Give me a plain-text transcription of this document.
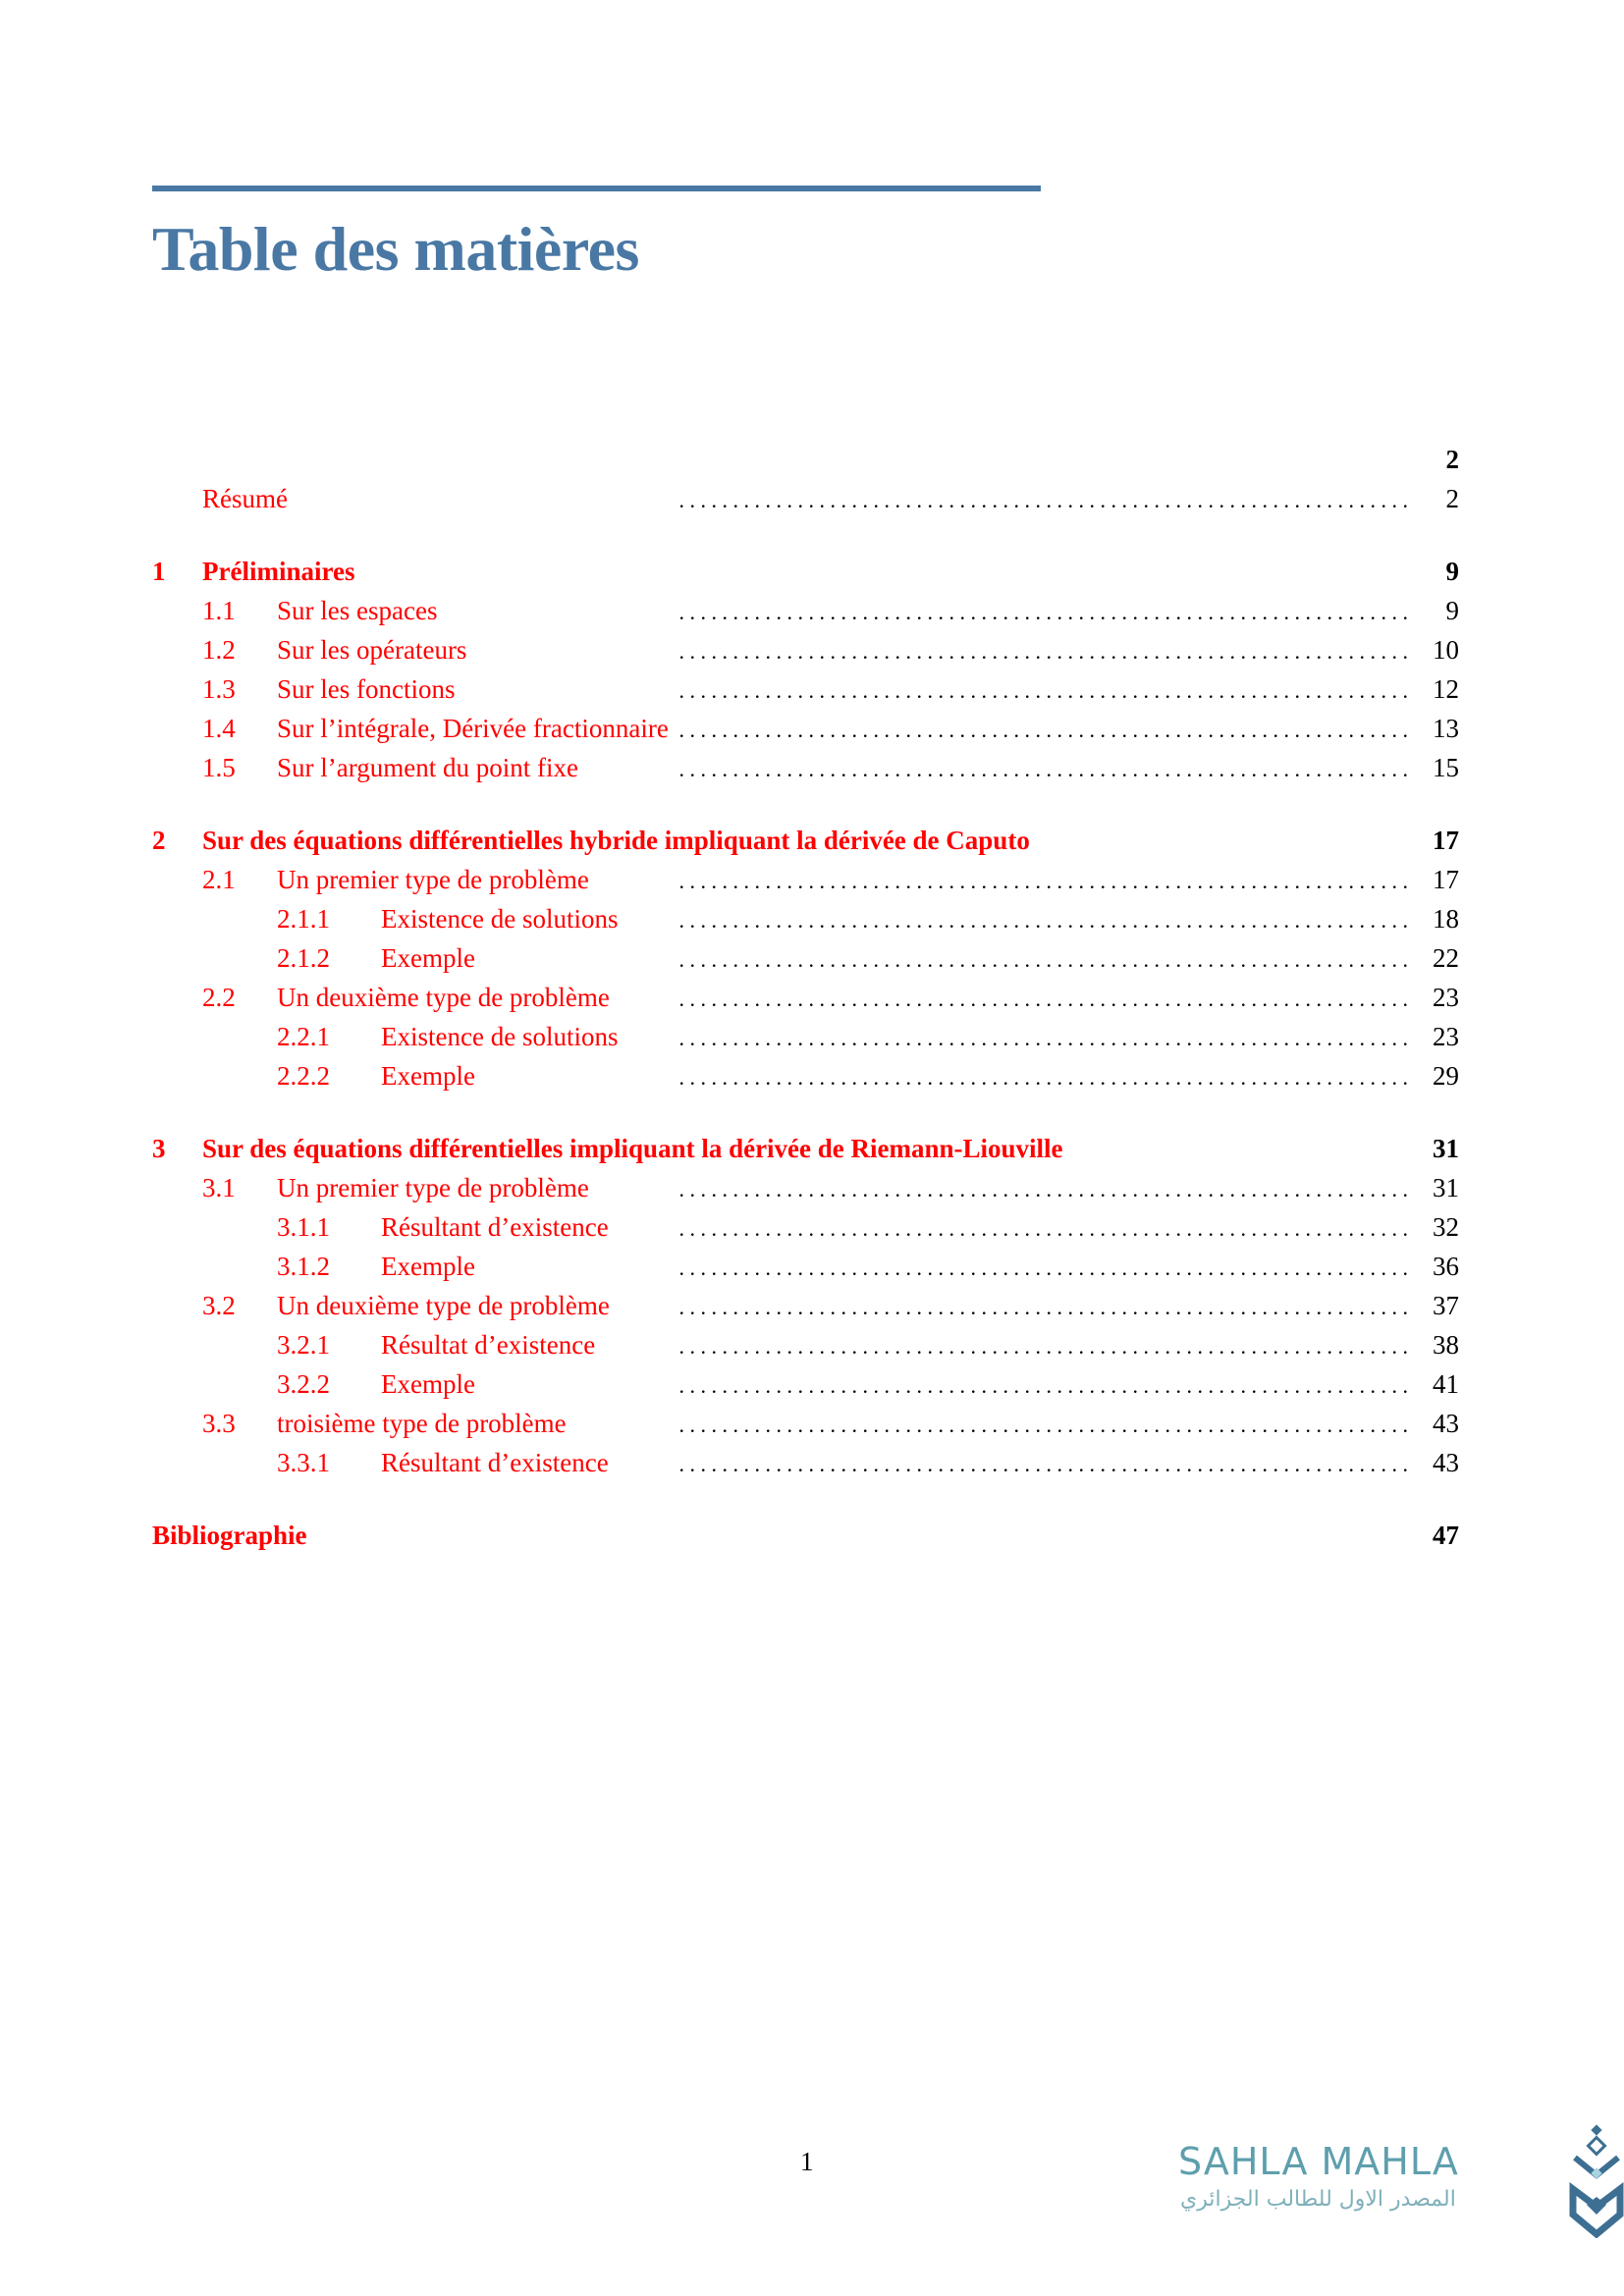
Table des matières
2
Résumé	. . . . . . . . . . . . . . . . . . . . . . . . . . . . . . . . . . . . . . . . . . . . . . . . . . . . . . . . . . . . . . . . . . . .	2
1	Préliminaires	9
1.1	Sur les espaces	. . . . . . . . . . . . . . . . . . . . . . . . . . . . . . . . . . . . . . . . . . . . . . . . . . . . . . . . . . . . . . . . . . . .	9
1.2	Sur les opérateurs	. . . . . . . . . . . . . . . . . . . . . . . . . . . . . . . . . . . . . . . . . . . . . . . . . . . . . . . . . . . . . . . . . . . . 10
1.3	Sur les fonctions	. . . . . . . . . . . . . . . . . . . . . . . . . . . . . . . . . . . . . . . . . . . . . . . . . . . . . . . . . . . . . . . . . . . . 12
1.4	Sur l’intégrale, Dérivée fractionnaire . . . . . . . . . . . . . . . . . . . . . . . . . . . . . . . . . . . . . . . . . . . . . . . . . . . . . . . . . . . . . . . . . . . . 13
1.5	Sur l’argument du point fixe	. . . . . . . . . . . . . . . . . . . . . . . . . . . . . . . . . . . . . . . . . . . . . . . . . . . . . . . . . . . . . . . . . . . . 15
2	Sur des équations différentielles hybride impliquant la dérivée de Caputo	17
2.1	Un premier type de problème	. . . . . . . . . . . . . . . . . . . . . . . . . . . . . . . . . . . . . . . . . . . . . . . . . . . . . . . . . . . . . . . . . . . . 17
2.1.1	Existence de solutions	. . . . . . . . . . . . . . . . . . . . . . . . . . . . . . . . . . . . . . . . . . . . . . . . . . . . . . . . . . . . . . . . . . . . 18
2.1.2	Exemple	. . . . . . . . . . . . . . . . . . . . . . . . . . . . . . . . . . . . . . . . . . . . . . . . . . . . . . . . . . . . . . . . . . . . 22
2.2	Un deuxième type de problème	. . . . . . . . . . . . . . . . . . . . . . . . . . . . . . . . . . . . . . . . . . . . . . . . . . . . . . . . . . . . . . . . . . . . 23
2.2.1	Existence de solutions	. . . . . . . . . . . . . . . . . . . . . . . . . . . . . . . . . . . . . . . . . . . . . . . . . . . . . . . . . . . . . . . . . . . . 23
2.2.2	Exemple	. . . . . . . . . . . . . . . . . . . . . . . . . . . . . . . . . . . . . . . . . . . . . . . . . . . . . . . . . . . . . . . . . . . . 29
3	Sur des équations différentielles impliquant la dérivée de Riemann-Liouville	31
3.1	Un premier type de problème	. . . . . . . . . . . . . . . . . . . . . . . . . . . . . . . . . . . . . . . . . . . . . . . . . . . . . . . . . . . . . . . . . . . . 31
3.1.1	Résultant d’existence	. . . . . . . . . . . . . . . . . . . . . . . . . . . . . . . . . . . . . . . . . . . . . . . . . . . . . . . . . . . . . . . . . . . . 32
3.1.2	Exemple	. . . . . . . . . . . . . . . . . . . . . . . . . . . . . . . . . . . . . . . . . . . . . . . . . . . . . . . . . . . . . . . . . . . . 36
3.2	Un deuxième type de problème	. . . . . . . . . . . . . . . . . . . . . . . . . . . . . . . . . . . . . . . . . . . . . . . . . . . . . . . . . . . . . . . . . . . . 37
3.2.1	Résultat d’existence	. . . . . . . . . . . . . . . . . . . . . . . . . . . . . . . . . . . . . . . . . . . . . . . . . . . . . . . . . . . . . . . . . . . . 38
3.2.2	Exemple	. . . . . . . . . . . . . . . . . . . . . . . . . . . . . . . . . . . . . . . . . . . . . . . . . . . . . . . . . . . . . . . . . . . . 41
3.3	troisième type de problème	. . . . . . . . . . . . . . . . . . . . . . . . . . . . . . . . . . . . . . . . . . . . . . . . . . . . . . . . . . . . . . . . . . . . 43
3.3.1	Résultant d’existence	. . . . . . . . . . . . . . . . . . . . . . . . . . . . . . . . . . . . . . . . . . . . . . . . . . . . . . . . . . . . . . . . . . . . 43
Bibliographie	47
1	SAHLA MAHLA
المصدر الاول للطالب الجزائري
